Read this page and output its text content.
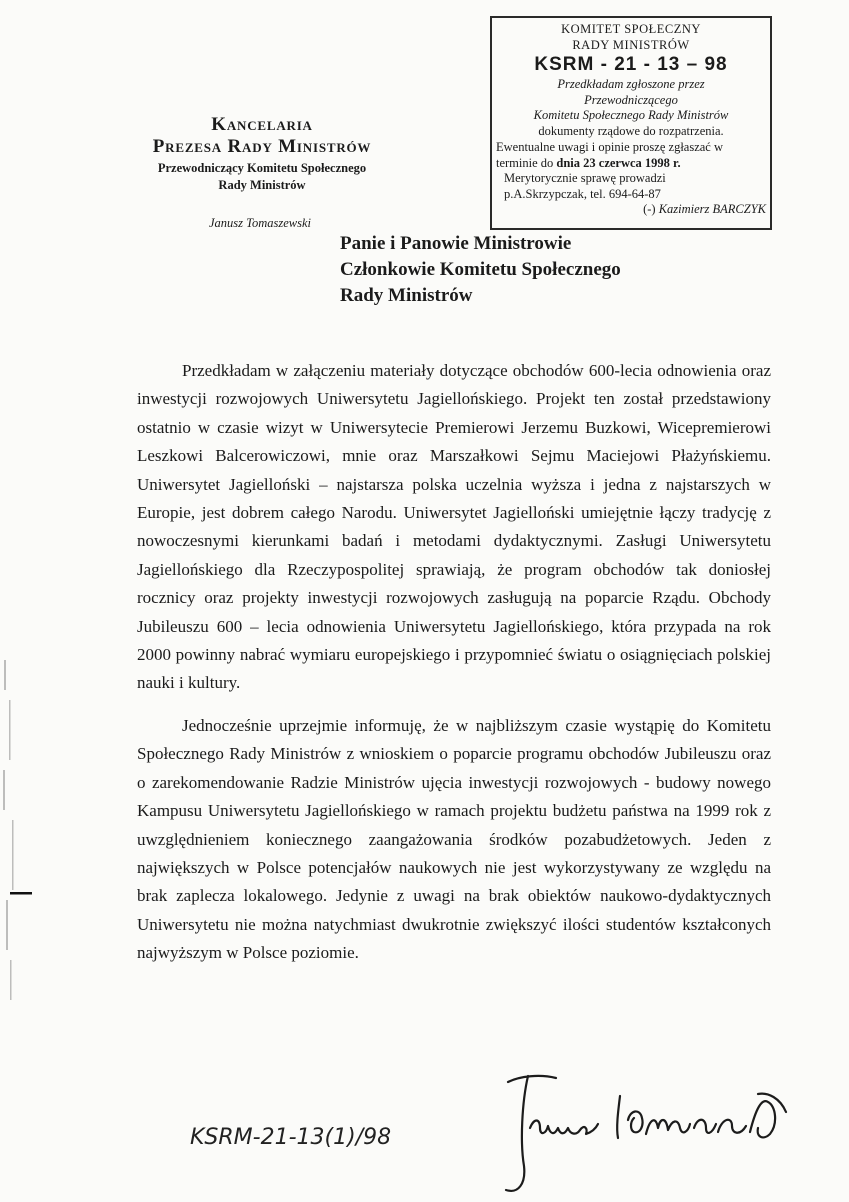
KOMITET SPOŁECZNY
RADY MINISTRÓW
KSRM - 21 - 13 – 98
Przedkładam zgłoszone przez
Przewodniczącego
Komitetu Społecznego Rady Ministrów
dokumenty rządowe do rozpatrzenia.
Ewentualne uwagi i opinie proszę zgłaszać w
terminie do dnia 23 czerwca 1998 r.
Merytorycznie sprawę prowadzi
p.A.Skrzypczak, tel. 694-64-87
(-) Kazimierz BARCZYK
Kancelaria
Prezesa Rady Ministrów
Przewodniczący Komitetu Społecznego
Rady Ministrów
Janusz Tomaszewski
Panie i Panowie Ministrowie
Członkowie Komitetu Społecznego
Rady Ministrów

Przedkładam w załączeniu materiały dotyczące obchodów 600-lecia odnowienia oraz inwestycji rozwojowych Uniwersytetu Jagiellońskiego. Projekt ten został przedstawiony ostatnio w czasie wizyt w Uniwersytecie Premierowi Jerzemu Buzkowi, Wicepremierowi Leszkowi Balcerowiczowi, mnie oraz Marszałkowi Sejmu Maciejowi Płażyńskiemu. Uniwersytet Jagielloński – najstarsza polska uczelnia wyższa i jedna z najstarszych w Europie, jest dobrem całego Narodu. Uniwersytet Jagielloński umiejętnie łączy tradycję z nowoczesnymi kierunkami badań i metodami dydaktycznymi. Zasługi Uniwersytetu Jagiellońskiego dla Rzeczypospolitej sprawiają, że program obchodów tak doniosłej rocznicy oraz projekty inwestycji rozwojowych zasługują na poparcie Rządu. Obchody Jubileuszu 600 – lecia odnowienia Uniwersytetu Jagiellońskiego, która przypada na rok 2000 powinny nabrać wymiaru europejskiego i przypomnieć światu o osiągnięciach polskiej nauki i kultury.

Jednocześnie uprzejmie informuję, że w najbliższym czasie wystąpię do Komitetu Społecznego Rady Ministrów z wnioskiem o poparcie programu obchodów Jubileuszu oraz o zarekomendowanie Radzie Ministrów ujęcia inwestycji rozwojowych - budowy nowego Kampusu Uniwersytetu Jagiellońskiego w ramach projektu budżetu państwa na 1999 rok z uwzględnieniem koniecznego zaangażowania środków pozabudżetowych. Jeden z największych w Polsce potencjałów naukowych nie jest wykorzystywany ze względu na brak zaplecza lokalowego. Jedynie z uwagi na brak obiektów naukowo-dydaktycznych Uniwersytetu nie można natychmiast dwukrotnie zwiększyć ilości studentów kształconych najwyższym w Polsce poziomie.

KSRM-21-13(1)/98
